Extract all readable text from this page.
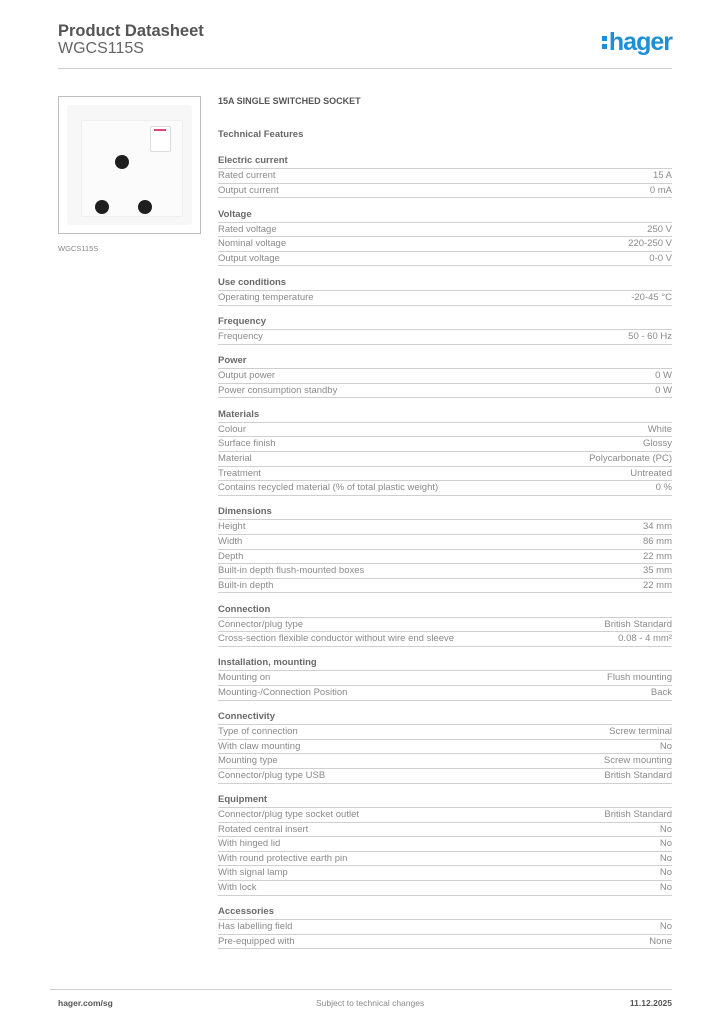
Product Datasheet
WGCS115S	hager
WGCS115S
15A SINGLE SWITCHED SOCKET
Technical Features
Electric current
Rated current	15 A
Output current	0 mA
Voltage
Rated voltage	250 V
Nominal voltage	220-250 V
Output voltage	0-0 V
Use conditions
Operating temperature	-20-45 °C
Frequency
Frequency	50 - 60 Hz
Power
Output power	0 W
Power consumption standby	0 W
Materials
Colour	White
Surface finish	Glossy
Material	Polycarbonate (PC)
Treatment	Untreated
Contains recycled material (% of total plastic weight)	0 %
Dimensions
Height	34 mm
Width	86 mm
Depth	22 mm
Built-in depth flush-mounted boxes	35 mm
Built-in depth	22 mm
Connection
Connector/plug type	British Standard
Cross-section flexible conductor without wire end sleeve	0.08 - 4 mm²
Installation, mounting
Mounting on	Flush mounting
Mounting-/Connection Position	Back
Connectivity
Type of connection	Screw terminal
With claw mounting	No
Mounting type	Screw mounting
Connector/plug type USB	British Standard
Equipment
Connector/plug type socket outlet	British Standard
Rotated central insert	No
With hinged lid	No
With round protective earth pin	No
With signal lamp	No
With lock	No
Accessories
Has labelling field	No
Pre-equipped with	None
hager.com/sg	Subject to technical changes	11.12.2025
